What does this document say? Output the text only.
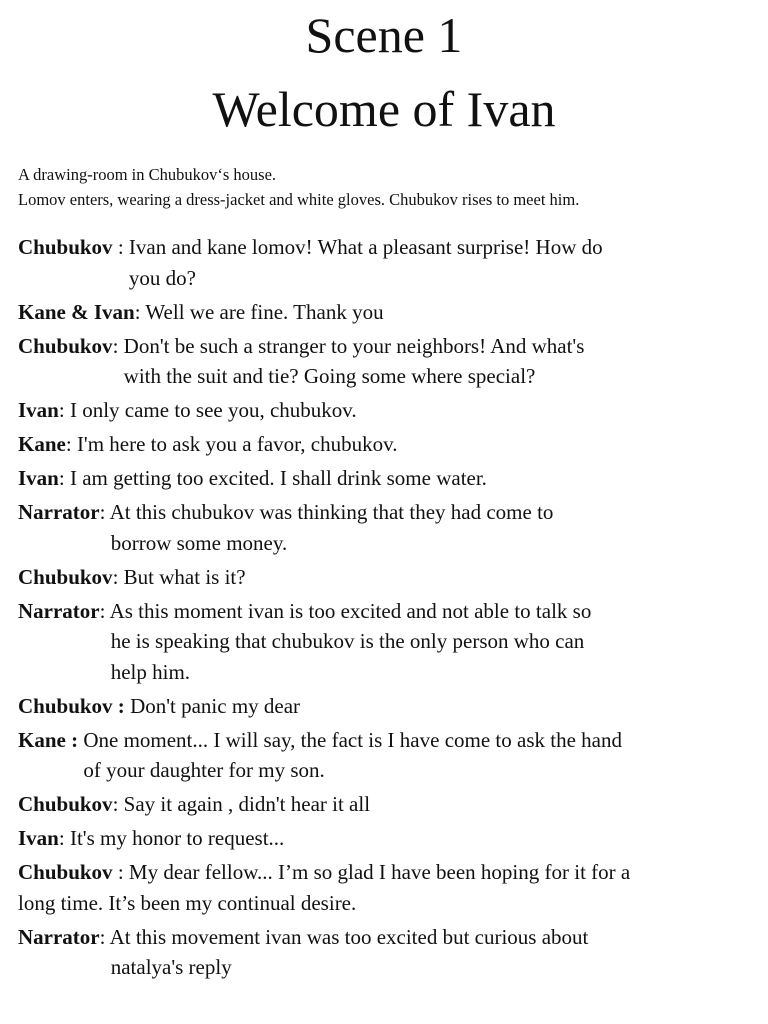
Scene 1
Welcome of Ivan
A drawing-room in Chubukov‘s house.
Lomov enters, wearing a dress-jacket and white gloves. Chubukov rises to meet him.
Chubukov : Ivan and kane lomov! What a pleasant surprise! How do
you do?
Kane & Ivan: Well we are fine. Thank you
Chubukov: Don't be such a stranger to your neighbors! And what's
with the suit and tie? Going some where special?
Ivan: I only came to see you, chubukov.
Kane: I'm here to ask you a favor, chubukov.
Ivan: I am getting too excited. I shall drink some water.
Narrator: At this chubukov was thinking that they had come to
borrow some money.
Chubukov: But what is it?
Narrator: As this moment ivan is too excited and not able to talk so
he is speaking that chubukov is the only person who can
help him.
Chubukov : Don't panic my dear
Kane : One moment... I will say, the fact is I have come to ask the hand
of your daughter for my son.
Chubukov: Say it again , didn't hear it all
Ivan: It's my honor to request...
Chubukov : My dear fellow... I’m so glad I have been hoping for it for a
long time. It’s been my continual desire.
Narrator: At this movement ivan was too excited but curious about
natalya's reply
